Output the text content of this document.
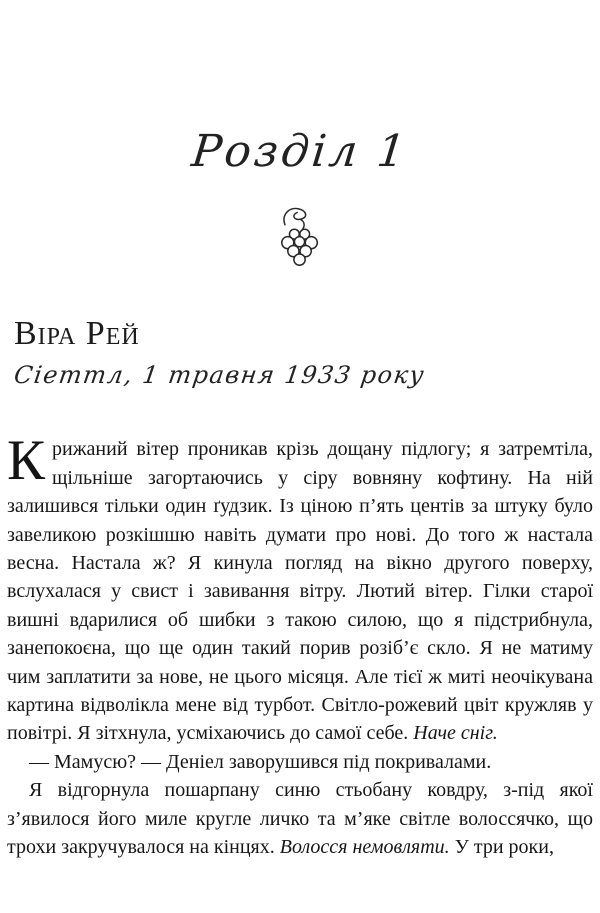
Розділ 1
Віра Рей
Сіеттл, 1 травня 1933 року

Крижаний вітер проникав крізь дощану підлогу; я затремтіла, щільніше загортаючись у сіру вовняну кофтину. На ній залишився тільки один ґудзик. Із ціною п’ять центів за штуку було завеликою розкішшю навіть думати про нові. До того ж настала весна. Настала ж? Я кинула погляд на вікно другого поверху, вслухалася у свист і завивання вітру. Лютий вітер. Гілки старої вишні вдарилися об шибки з такою силою, що я підстрибнула, занепокоєна, що ще один такий порив розіб’є скло. Я не матиму чим заплатити за нове, не цього місяця. Але тієї ж миті неочікувана картина відволікла мене від турбот. Світло-рожевий цвіт кружляв у повітрі. Я зітхнула, усміхаючись до самої себе. Наче сніг.

— Мамусю? — Деніел заворушився під покривалами.

Я відгорнула пошарпану синю стьобану ковдру, з-під якої з’явилося його миле кругле личко та м’яке світле волоссячко, що трохи закручувалося на кінцях. Волосся немовляти. У три роки,
